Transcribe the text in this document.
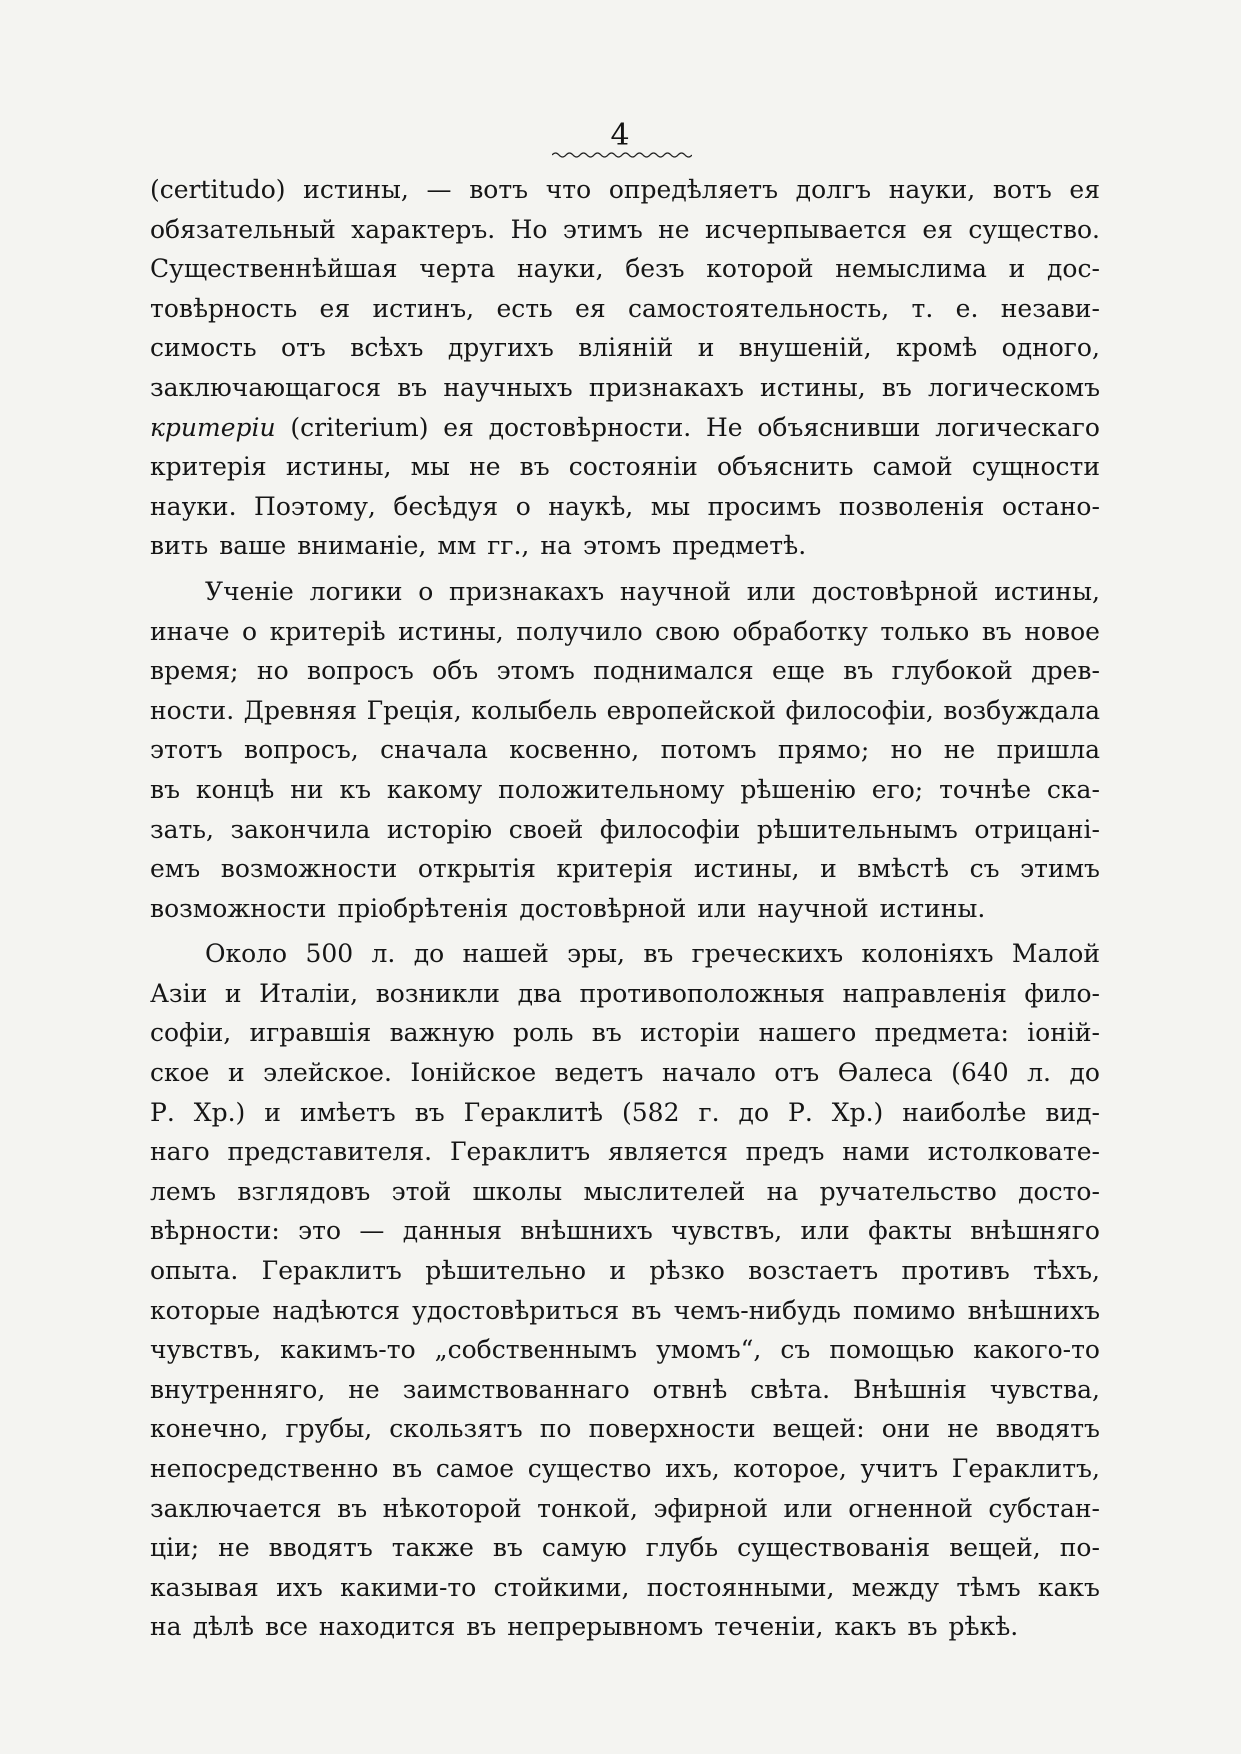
4
(certitudo) истины, — вотъ что опредѣляетъ долгъ науки, вотъ ея
обязательный характеръ. Но этимъ не исчерпывается ея существо.
Существеннѣйшая черта науки, безъ которой немыслима и дос-
товѣрность ея истинъ, есть ея самостоятельность, т. е. незави-
симость отъ всѣхъ другихъ вліяній и внушеній, кромѣ одного,
заключающагося въ научныхъ признакахъ истины, въ логическомъ
критеріи (criterium) ея достовѣрности. Не объяснивши логическаго
критерія истины, мы не въ состояніи объяснить самой сущности
науки. Поэтому, бесѣдуя о наукѣ, мы просимъ позволенія остано-
вить ваше вниманіе, мм гг., на этомъ предметѣ.
Ученіе логики о признакахъ научной или достовѣрной истины,
иначе о критеріѣ истины, получило свою обработку только въ новое
время; но вопросъ объ этомъ поднимался еще въ глубокой древ-
ности. Древняя Греція, колыбель европейской философіи, возбуждала
этотъ вопросъ, сначала косвенно, потомъ прямо; но не пришла
въ концѣ ни къ какому положительному рѣшенію его; точнѣе ска-
зать, закончила исторію своей философіи рѣшительнымъ отрицані-
емъ возможности открытія критерія истины, и вмѣстѣ съ этимъ
возможности пріобрѣтенія достовѣрной или научной истины.
Около 500 л. до нашей эры, въ греческихъ колоніяхъ Малой
Азіи и Италіи, возникли два противоположныя направленія фило-
софіи, игравшія важную роль въ исторіи нашего предмета: іоній-
ское и элейское. Іонійское ведетъ начало отъ Ѳалеса (640 л. до
Р. Хр.) и имѣетъ въ Гераклитѣ (582 г. до Р. Хр.) наиболѣе вид-
наго представителя. Гераклитъ является предъ нами истолковате-
лемъ взглядовъ этой школы мыслителей на ручательство досто-
вѣрности: это — данныя внѣшнихъ чувствъ, или факты внѣшняго
опыта. Гераклитъ рѣшительно и рѣзко возстаетъ противъ тѣхъ,
которые надѣются удостовѣриться въ чемъ-нибудь помимо внѣшнихъ
чувствъ, какимъ-то „собственнымъ умомъ“, съ помощью какого-то
внутренняго, не заимствованнаго отвнѣ свѣта. Внѣшнія чувства,
конечно, грубы, скользятъ по поверхности вещей: они не вводятъ
непосредственно въ самое существо ихъ, которое, учитъ Гераклитъ,
заключается въ нѣкоторой тонкой, эфирной или огненной субстан-
ціи; не вводятъ также въ самую глубь существованія вещей, по-
казывая ихъ какими-то стойкими, постоянными, между тѣмъ какъ
на дѣлѣ все находится въ непрерывномъ теченіи, какъ въ рѣкѣ.
